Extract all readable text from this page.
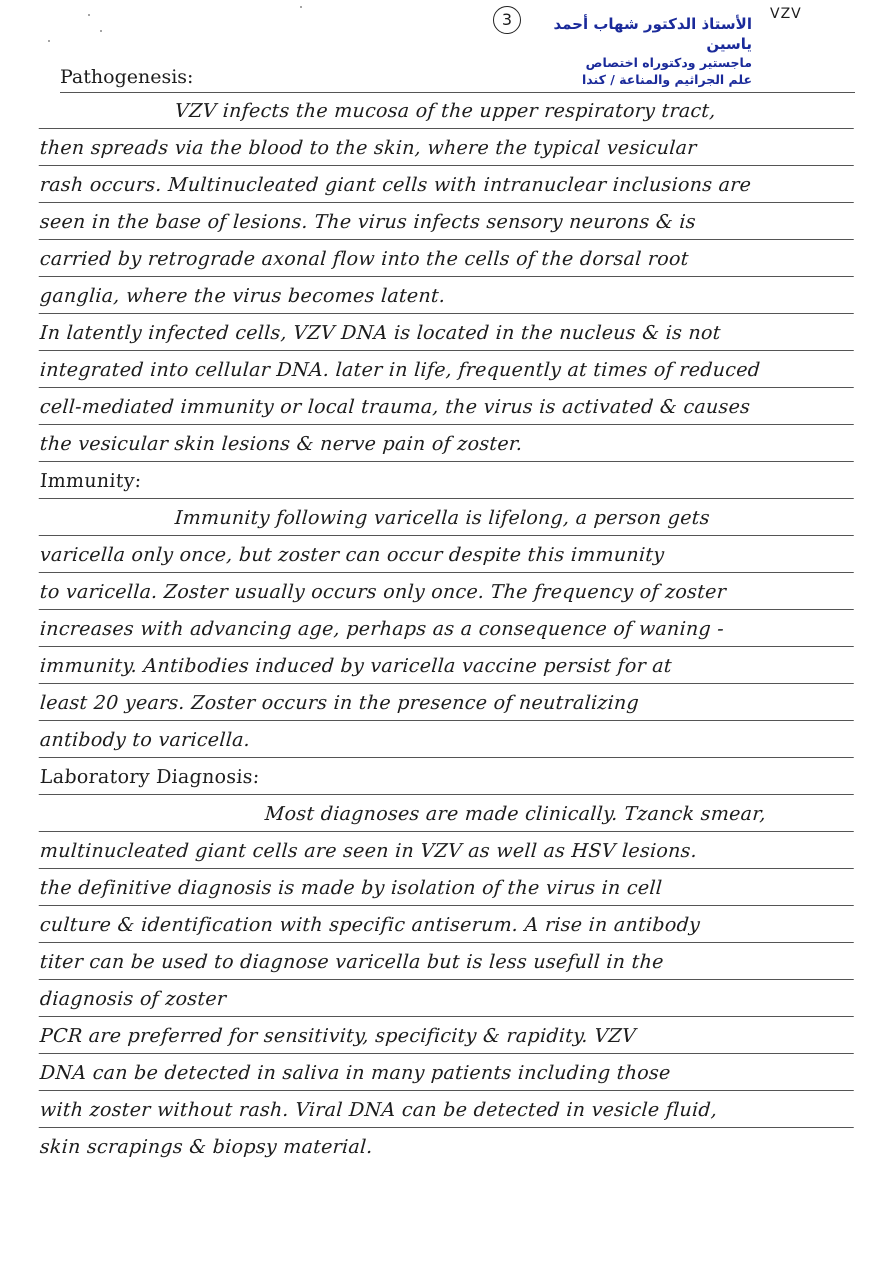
3	VZV
الأستاذ الدكتور شهاب أحمد ياسين
ماجستير ودكتوراه اختصاص
علم الجراثيم والمناعة / كندا
Pathogenesis:
VZV infects the mucosa of the upper respiratory tract,
then spreads via the blood to the skin, where the typical vesicular
rash occurs. Multinucleated giant cells with intranuclear inclusions are
seen in the base of lesions. The virus infects sensory neurons & is
carried by retrograde axonal flow into the cells of the dorsal root
ganglia, where the virus becomes latent.
In latently infected cells, VZV DNA is located in the nucleus & is not
integrated into cellular DNA. later in life, frequently at times of reduced
cell-mediated immunity or local trauma, the virus is activated & causes
the vesicular skin lesions & nerve pain of zoster.
Immunity:
Immunity following varicella is lifelong, a person gets
varicella only once, but zoster can occur despite this immunity
to varicella. Zoster usually occurs only once. The frequency of zoster
increases with advancing age, perhaps as a consequence of waning -
immunity. Antibodies induced by varicella vaccine persist for at
least 20 years. Zoster occurs in the presence of neutralizing
antibody to varicella.
Laboratory Diagnosis:
Most diagnoses are made clinically. Tzanck smear,
multinucleated giant cells are seen in VZV as well as HSV lesions.
the definitive diagnosis is made by isolation of the virus in cell
culture & identification with specific antiserum. A rise in antibody
titer can be used to diagnose varicella but is less usefull in the
diagnosis of zoster
PCR are preferred for sensitivity, specificity & rapidity. VZV
DNA can be detected in saliva in many patients including those
with zoster without rash. Viral DNA can be detected in vesicle fluid,
skin scrapings & biopsy material.
